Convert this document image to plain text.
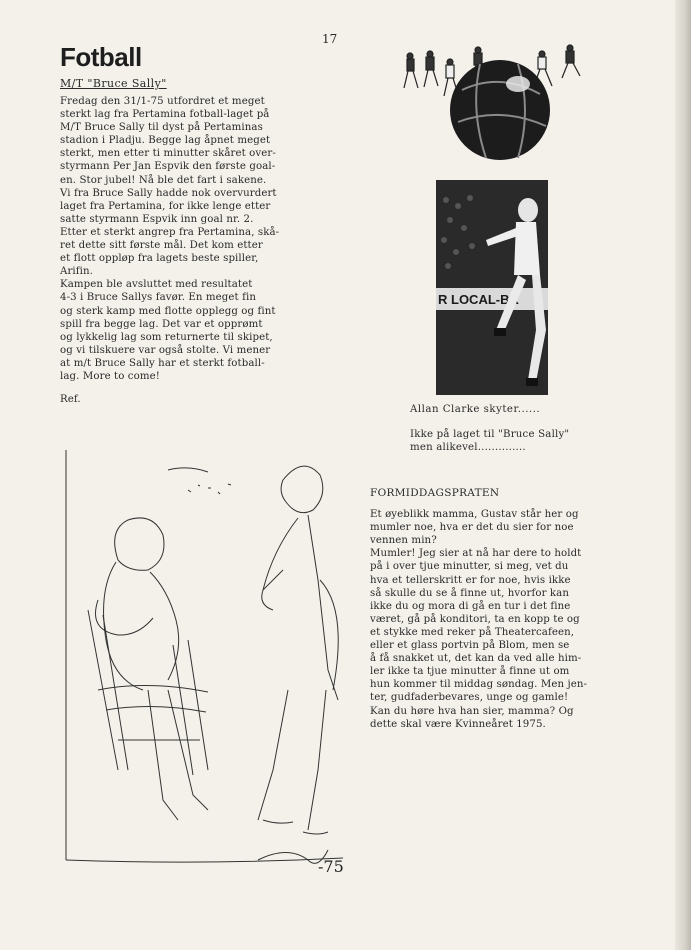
17
Fotball
M/T "Bruce Sally"

Fredag den 31/1-75 utfordret et meget
sterkt lag fra Pertamina fotball-laget på
M/T Bruce Sally til dyst på Pertaminas
stadion i Pladju. Begge lag åpnet meget
sterkt, men etter ti minutter skåret over-
styrmann Per Jan Espvik den første goal-
en. Stor jubel! Nå ble det fart i sakene.
Vi fra Bruce Sally hadde nok overvurdert
laget fra Pertamina, for ikke lenge etter
satte styrmann Espvik inn goal nr. 2.
Etter et sterkt angrep fra Pertamina, skå-
ret dette sitt første mål. Det kom etter
et flott oppløp fra lagets beste spiller,
Arifin.

Kampen ble avsluttet med resultatet
4-3 i Bruce Sallys favør. En meget fin
og sterk kamp med flotte opplegg og fint
spill fra begge lag. Det var et opprømt
og lykkelig lag som returnerte til skipet,
og vi tilskuere var også stolte. Vi mener
at m/t Bruce Sally har et sterkt fotball-
lag. More to come!

Ref.

R LOCAL-BR
Allan Clarke skyter......
Ikke på laget til "Bruce Sally"
men alikevel..............
-75
FORMIDDAGSPRATEN

Et øyeblikk mamma, Gustav står her og
mumler noe, hva er det du sier for noe
vennen min?
Mumler! Jeg sier at nå har dere to holdt
på i over tjue minutter, si meg, vet du
hva et tellerskritt er for noe, hvis ikke
så skulle du se å finne ut, hvorfor kan
ikke du og mora di gå en tur i det fine
været, gå på konditori, ta en kopp te og
et stykke med reker på Theatercafeen,
eller et glass portvin på Blom, men se
å få snakket ut, det kan da ved alle him-
ler ikke ta tjue minutter å finne ut om
hun kommer til middag søndag. Men jen-
ter, gudfaderbevares, unge og gamle!
Kan du høre hva han sier, mamma? Og
dette skal være Kvinneåret 1975.
